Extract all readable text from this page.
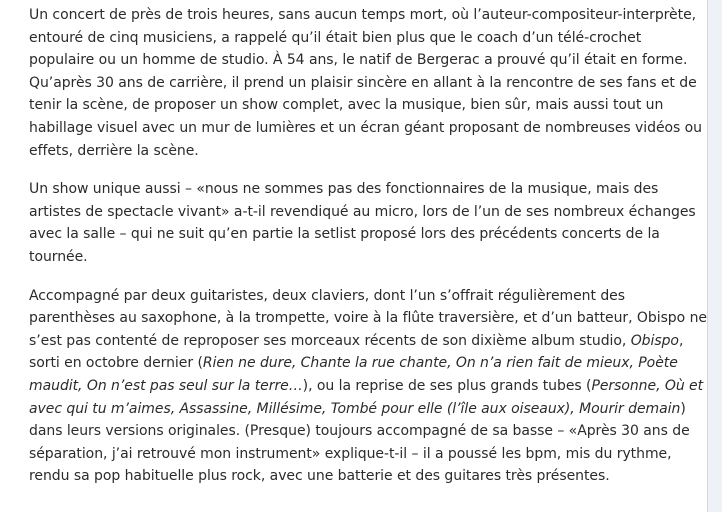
Un concert de près de trois heures, sans aucun temps mort, où l’auteur-compositeur-interprète, entouré de cinq musiciens, a rappelé qu’il était bien plus que le coach d’un télé-crochet populaire ou un homme de studio. À 54 ans, le natif de Bergerac a prouvé qu’il était en forme. Qu’après 30 ans de carrière, il prend un plaisir sincère en allant à la rencontre de ses fans et de tenir la scène, de proposer un show complet, avec la musique, bien sûr, mais aussi tout un habillage visuel avec un mur de lumières et un écran géant proposant de nombreuses vidéos ou effets, derrière la scène.

Un show unique aussi – «nous ne sommes pas des fonctionnaires de la musique, mais des artistes de spectacle vivant» a-t-il revendiqué au micro, lors de l’un de ses nombreux échanges avec la salle – qui ne suit qu’en partie la setlist proposé lors des précédents concerts de la tournée.

Accompagné par deux guitaristes, deux claviers, dont l’un s’offrait régulièrement des parenthèses au saxophone, à la trompette, voire à la flûte traversière, et d’un batteur, Obispo ne s’est pas contenté de reproposer ses morceaux récents de son dixième album studio, Obispo, sorti en octobre dernier (Rien ne dure, Chante la rue chante, On n’a rien fait de mieux, Poète maudit, On n’est pas seul sur la terre…), ou la reprise de ses plus grands tubes (Personne, Où et avec qui tu m’aimes, Assassine, Millésime, Tombé pour elle (l’île aux oiseaux), Mourir demain) dans leurs versions originales. (Presque) toujours accompagné de sa basse – «Après 30 ans de séparation, j’ai retrouvé mon instrument» explique-t-il – il a poussé les bpm, mis du rythme, rendu sa pop habituelle plus rock, avec une batterie et des guitares très présentes.
